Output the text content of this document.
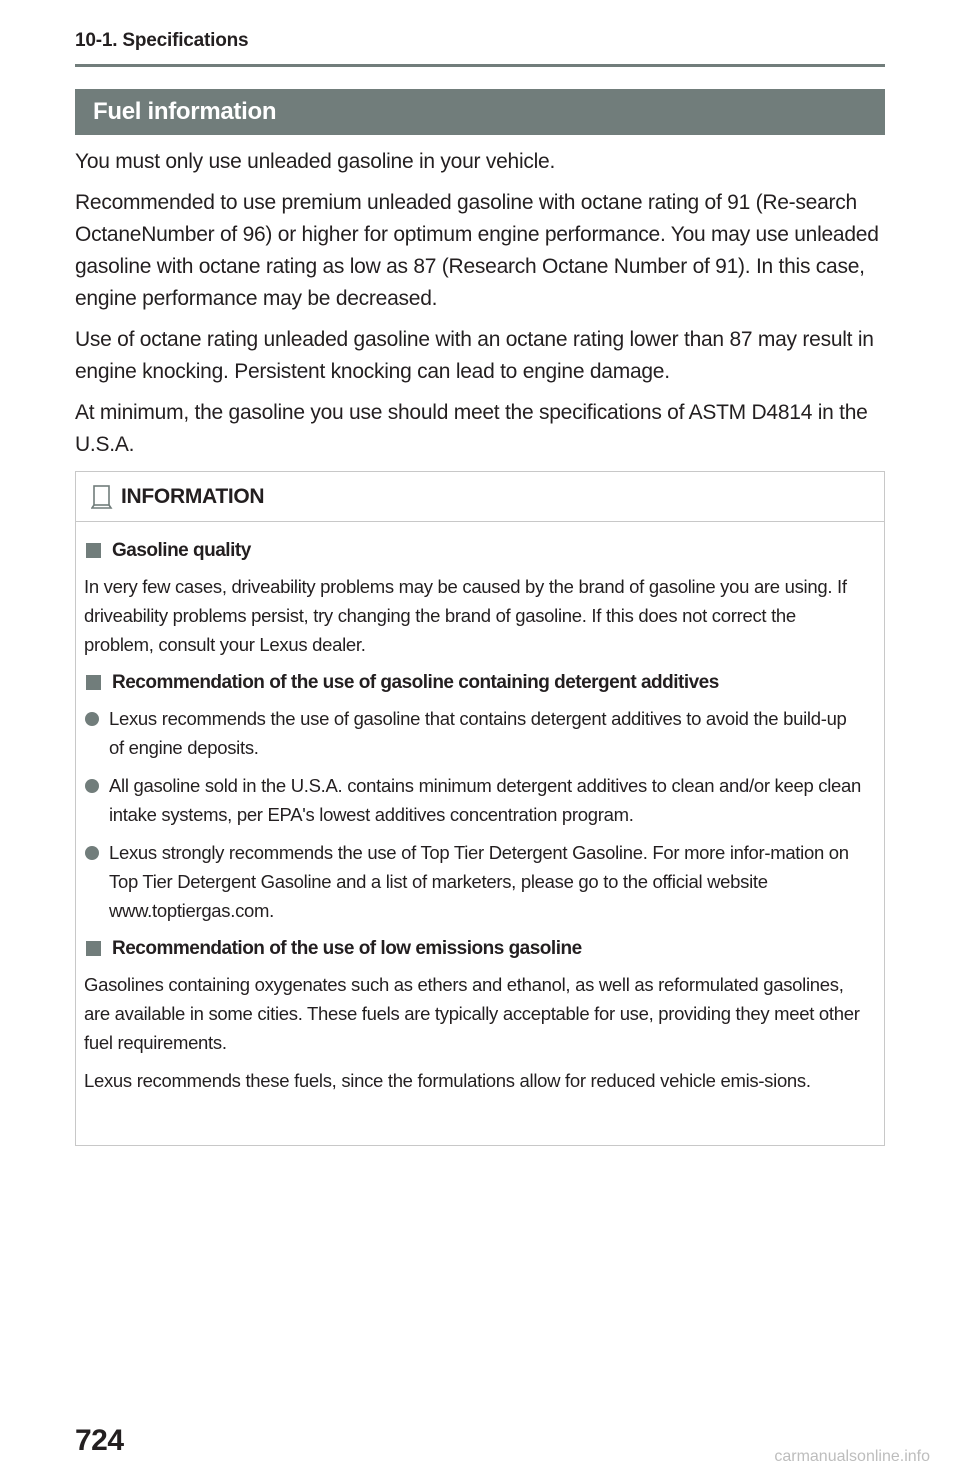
10-1. Specifications
Fuel information

You must only use unleaded gasoline in your vehicle.

Recommended to use premium unleaded gasoline with octane rating of 91 (Re-search OctaneNumber of 96) or higher for optimum engine performance. You may use unleaded gasoline with octane rating as low as 87 (Research Octane Number of 91). In this case, engine performance may be decreased.

Use of octane rating unleaded gasoline with an octane rating lower than 87 may result in engine knocking. Persistent knocking can lead to engine damage.

At minimum, the gasoline you use should meet the specifications of ASTM D4814 in the U.S.A.

INFORMATION
Gasoline quality
In very few cases, driveability problems may be caused by the brand of gasoline you are using. If driveability problems persist, try changing the brand of gasoline. If this does not correct the problem, consult your Lexus dealer.
Recommendation of the use of gasoline containing detergent additives
Lexus recommends the use of gasoline that contains detergent additives to avoid the build-up of engine deposits.
All gasoline sold in the U.S.A. contains minimum detergent additives to clean and/or keep clean intake systems, per EPA's lowest additives concentration program.
Lexus strongly recommends the use of Top Tier Detergent Gasoline. For more infor-mation on Top Tier Detergent Gasoline and a list of marketers, please go to the official website www.toptiergas.com.
Recommendation of the use of low emissions gasoline
Gasolines containing oxygenates such as ethers and ethanol, as well as reformulated gasolines, are available in some cities. These fuels are typically acceptable for use, providing they meet other fuel requirements.
Lexus recommends these fuels, since the formulations allow for reduced vehicle emis-sions.
724	carmanualsonline.info
